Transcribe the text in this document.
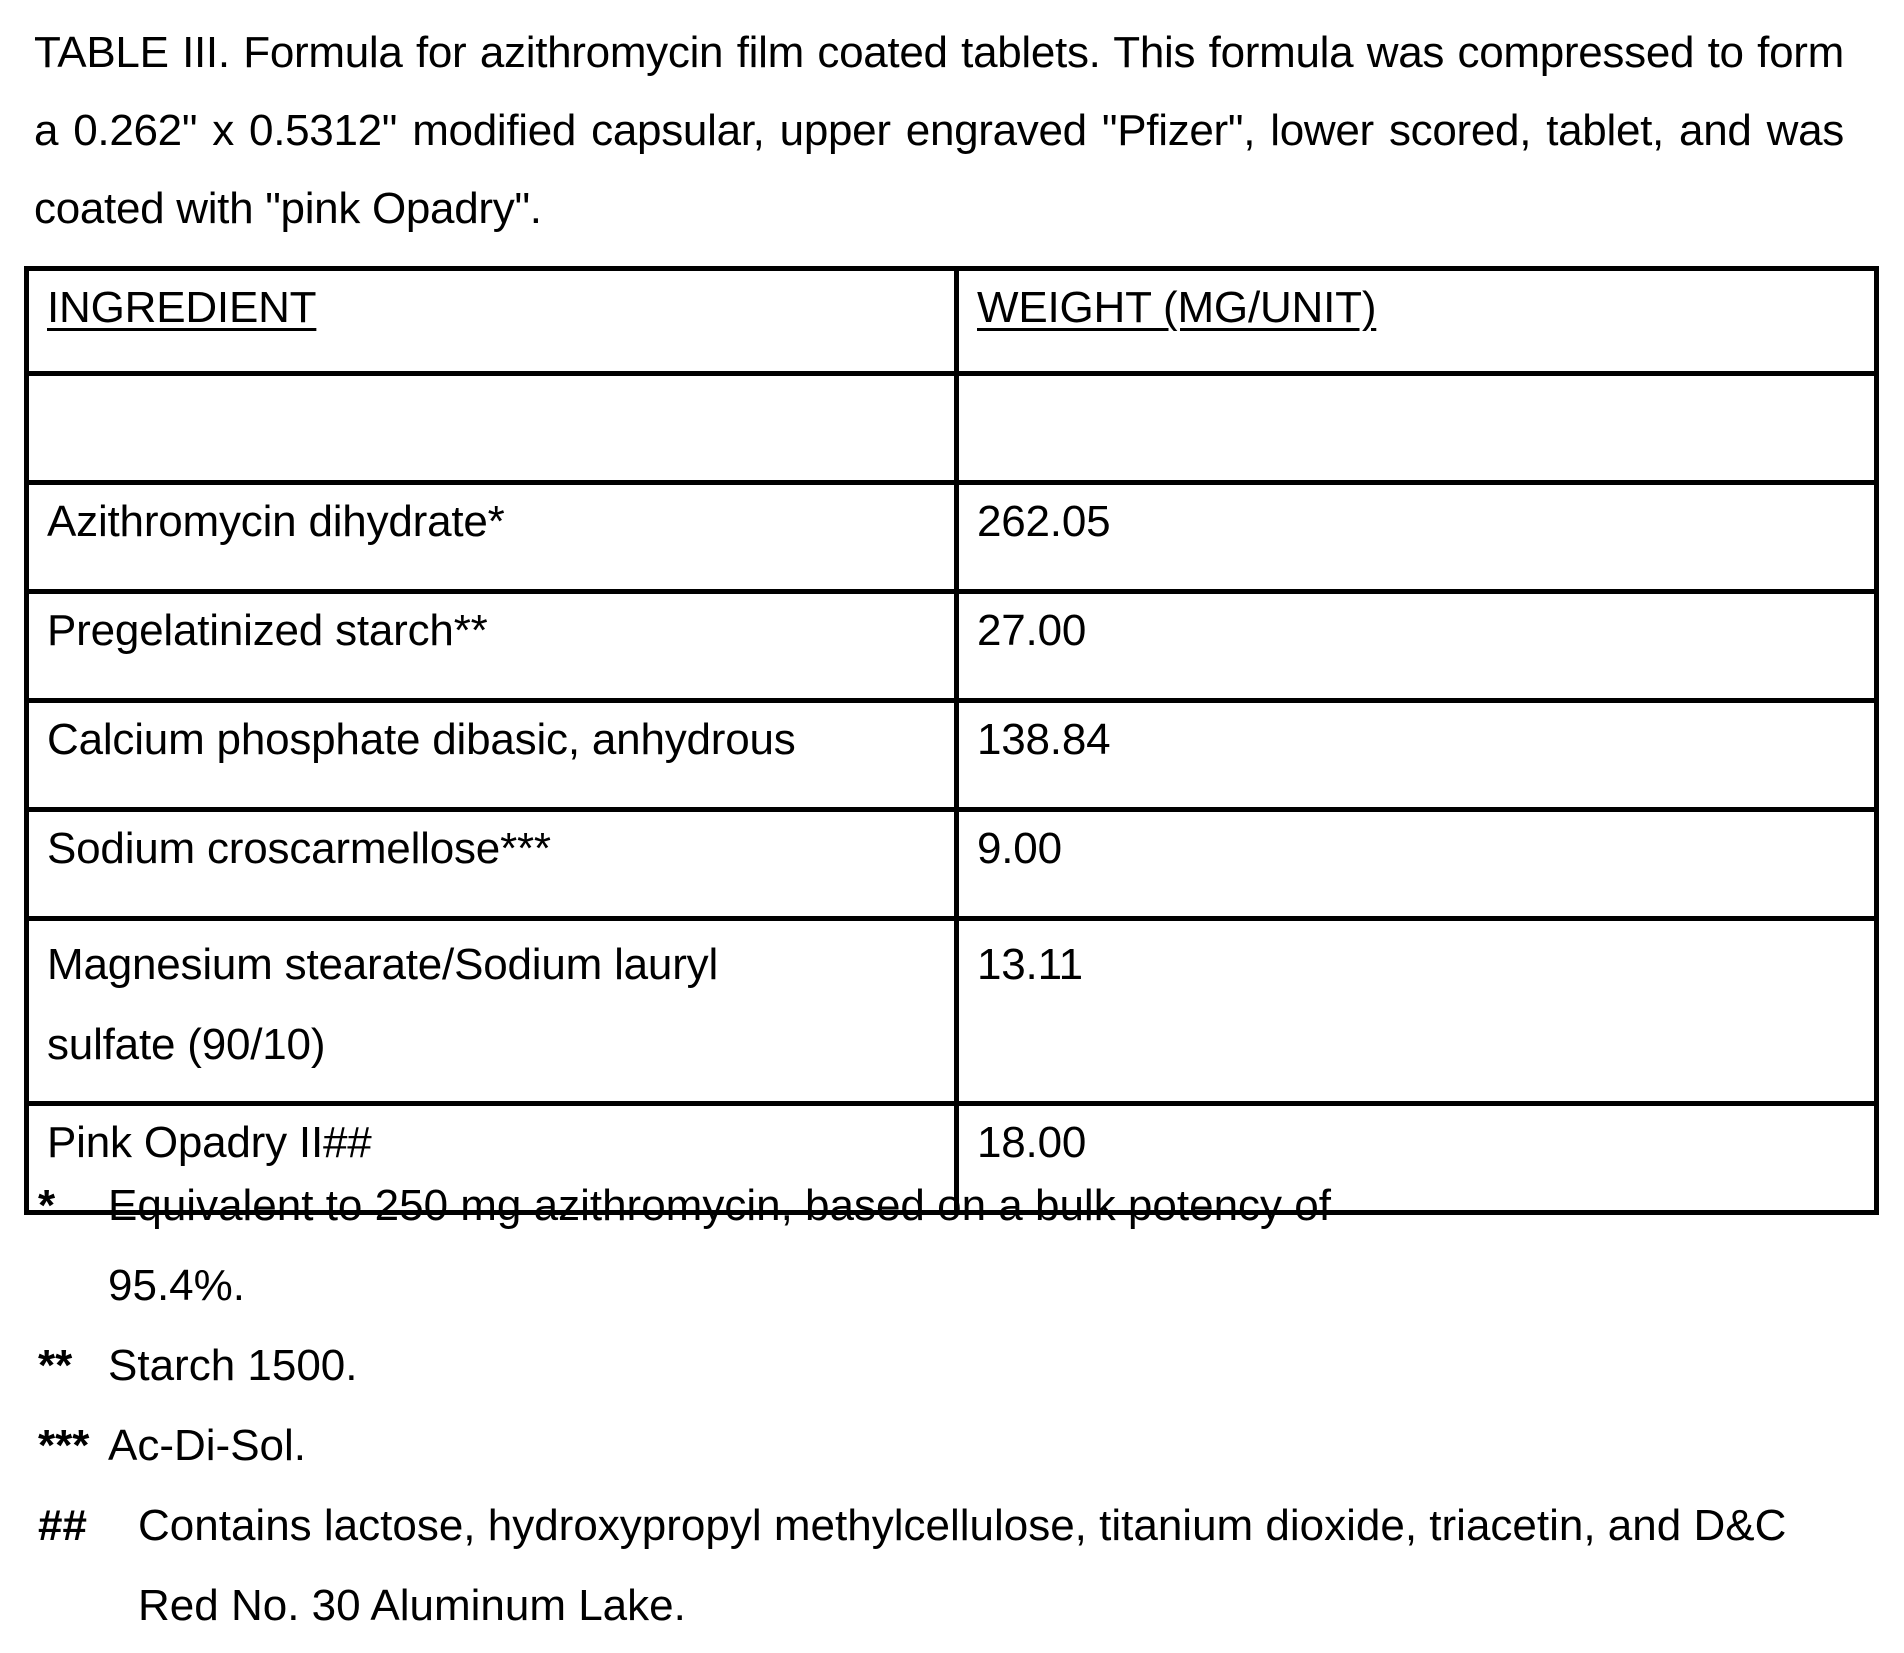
TABLE III. Formula for azithromycin film coated tablets. This formula was compressed to form a 0.262" x 0.5312" modified capsular, upper engraved "Pfizer", lower scored, tablet, and was coated with "pink Opadry".

INGREDIENT	WEIGHT (MG/UNIT)

Azithromycin dihydrate*	262.05
Pregelatinized starch**	27.00
Calcium phosphate dibasic, anhydrous	138.84
Sodium croscarmellose***	9.00
Magnesium stearate/Sodium lauryl sulfate (90/10)	13.11
Pink Opadry II##	18.00
*	Equivalent to 250 mg azithromycin, based on a bulk potency of 95.4%.
** Starch 1500.
*** Ac-Di-Sol.
##	Contains lactose, hydroxypropyl methylcellulose, titanium dioxide, triacetin, and D&C Red No. 30 Aluminum Lake.
